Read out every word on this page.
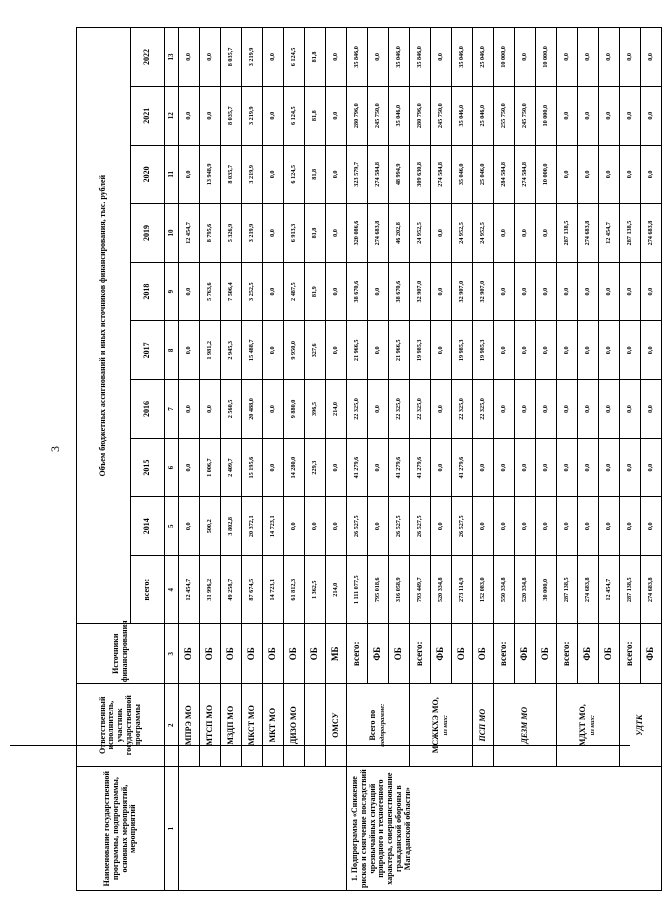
3
Наименование государственной программы, подпрограммы, основных мероприятий, мероприятий	Ответственный исполнитель, участник государственной программы	Источники финансирования	Объем бюджетных ассигнований и иных источников финансирования, тыс. рублей									
			всего:	2014	2015	2016	2017	2018	2019	2020	2021	2022
1	2	3	4	5	6	7	8	9	10	11	12	13
	МПРЭ МО	ОБ	12 454,7	0,0	0,0	0,0	0,0	0,0	12 454,7	0,0	0,0	0,0
	МТСП МО	ОБ	31 996,2	500,2	1 006,7	0,0	1 981,2	5 763,6	8 795,6	13 948,9	0,0	0,0
	МЗДП МО	ОБ	49 258,7	3 802,8	2 409,7	2 560,5	2 945,3	7 506,4	5 326,9	8 035,7	8 035,7	8 035,7
	МКСТ МО	ОБ	87 674,5	20 372,1	15 195,6	20 488,0	15 488,7	3 252,5	3 219,9	3 219,9	3 219,9	3 219,9
	МКТ МО	ОБ	14 723,1	14 723,1	0,0	0,0	0,0	0,0	0,0	0,0	0,0	0,0
	ДИЗО МО	ОБ	61 812,3	0,0	14 280,0	9 880,0	9 950,0	2 487,5	6 913,3	6 124,5	6 124,5	6 124,5
		ОБ	1 362,5	0,0	229,3	396,5	327,6	81,9	81,8	81,8	81,8	81,8
	ОМСУ	МБ	214,0	0,0	0,0	214,0	0,0	0,0	0,0	0,0	0,0	0,0
1. Подпрограмма «Снижение рисков и смягчение последствий чрезвычайных ситуаций природного и техногенного характера, совершенствование гражданской обороны в Магаданской области»	Всего по подпрограмме:	всего:	1 111 077,5	26 527,5	41 279,6	22 325,0	21 966,5	38 670,6	320 086,6	323 579,7	280 796,0	35 846,0
		ФБ	795 018,6	0,0	0,0	0,0	0,0	0,0	274 683,8	274 584,8	245 750,0	0,0
		ОБ	316 058,9	26 527,5	41 279,6	22 325,0	21 966,5	38 670,6	46 202,8	48 994,9	35 046,0	35 046,0
	МСЖКХЭ МО, из них:	всего:	793 449,7	26 527,5	41 279,6	22 325,0	19 985,3	32 907,0	24 952,5	309 630,8	280 796,0	35 846,0
		ФБ	520 334,8	0,0	0,0	0,0	0,0	0,0	0,0	274 584,8	245 750,0	0,0
		ОБ	273 114,9	26 527,5	41 279,6	22 325,0	19 985,3	32 907,0	24 952,5	35 046,0	35 046,0	35 046,0
	ПСП МО	ОБ	152 083,0	0,0	0,0	22 325,0	19 985,3	32 907,0	24 952,5	25 046,0	25 046,0	25 046,0
	ДЕЗМ МО	всего:	550 334,8	0,0	0,0	0,0	0,0	0,0	0,0	284 584,8	255 750,0	10 000,0
		ФБ	520 334,8	0,0	0,0	0,0	0,0	0,0	0,0	274 584,8	245 750,0	0,0
		ОБ	30 000,0	0,0	0,0	0,0	0,0	0,0	0,0	10 000,0	10 000,0	10 000,0
	МДХТ МО, из них:	всего:	287 138,5	0,0	0,0	0,0	0,0	0,0	287 138,5	0,0	0,0	0,0
		ФБ	274 683,8	0,0	0,0	0,0	0,0	0,0	274 683,8	0,0	0,0	0,0
		ОБ	12 454,7	0,0	0,0	0,0	0,0	0,0	12 454,7	0,0	0,0	0,0
	УДТК	всего:	287 138,5	0,0	0,0	0,0	0,0	0,0	287 138,5	0,0	0,0	0,0
		ФБ	274 683,8	0,0	0,0	0,0	0,0	0,0	274 683,8	0,0	0,0	0,0
